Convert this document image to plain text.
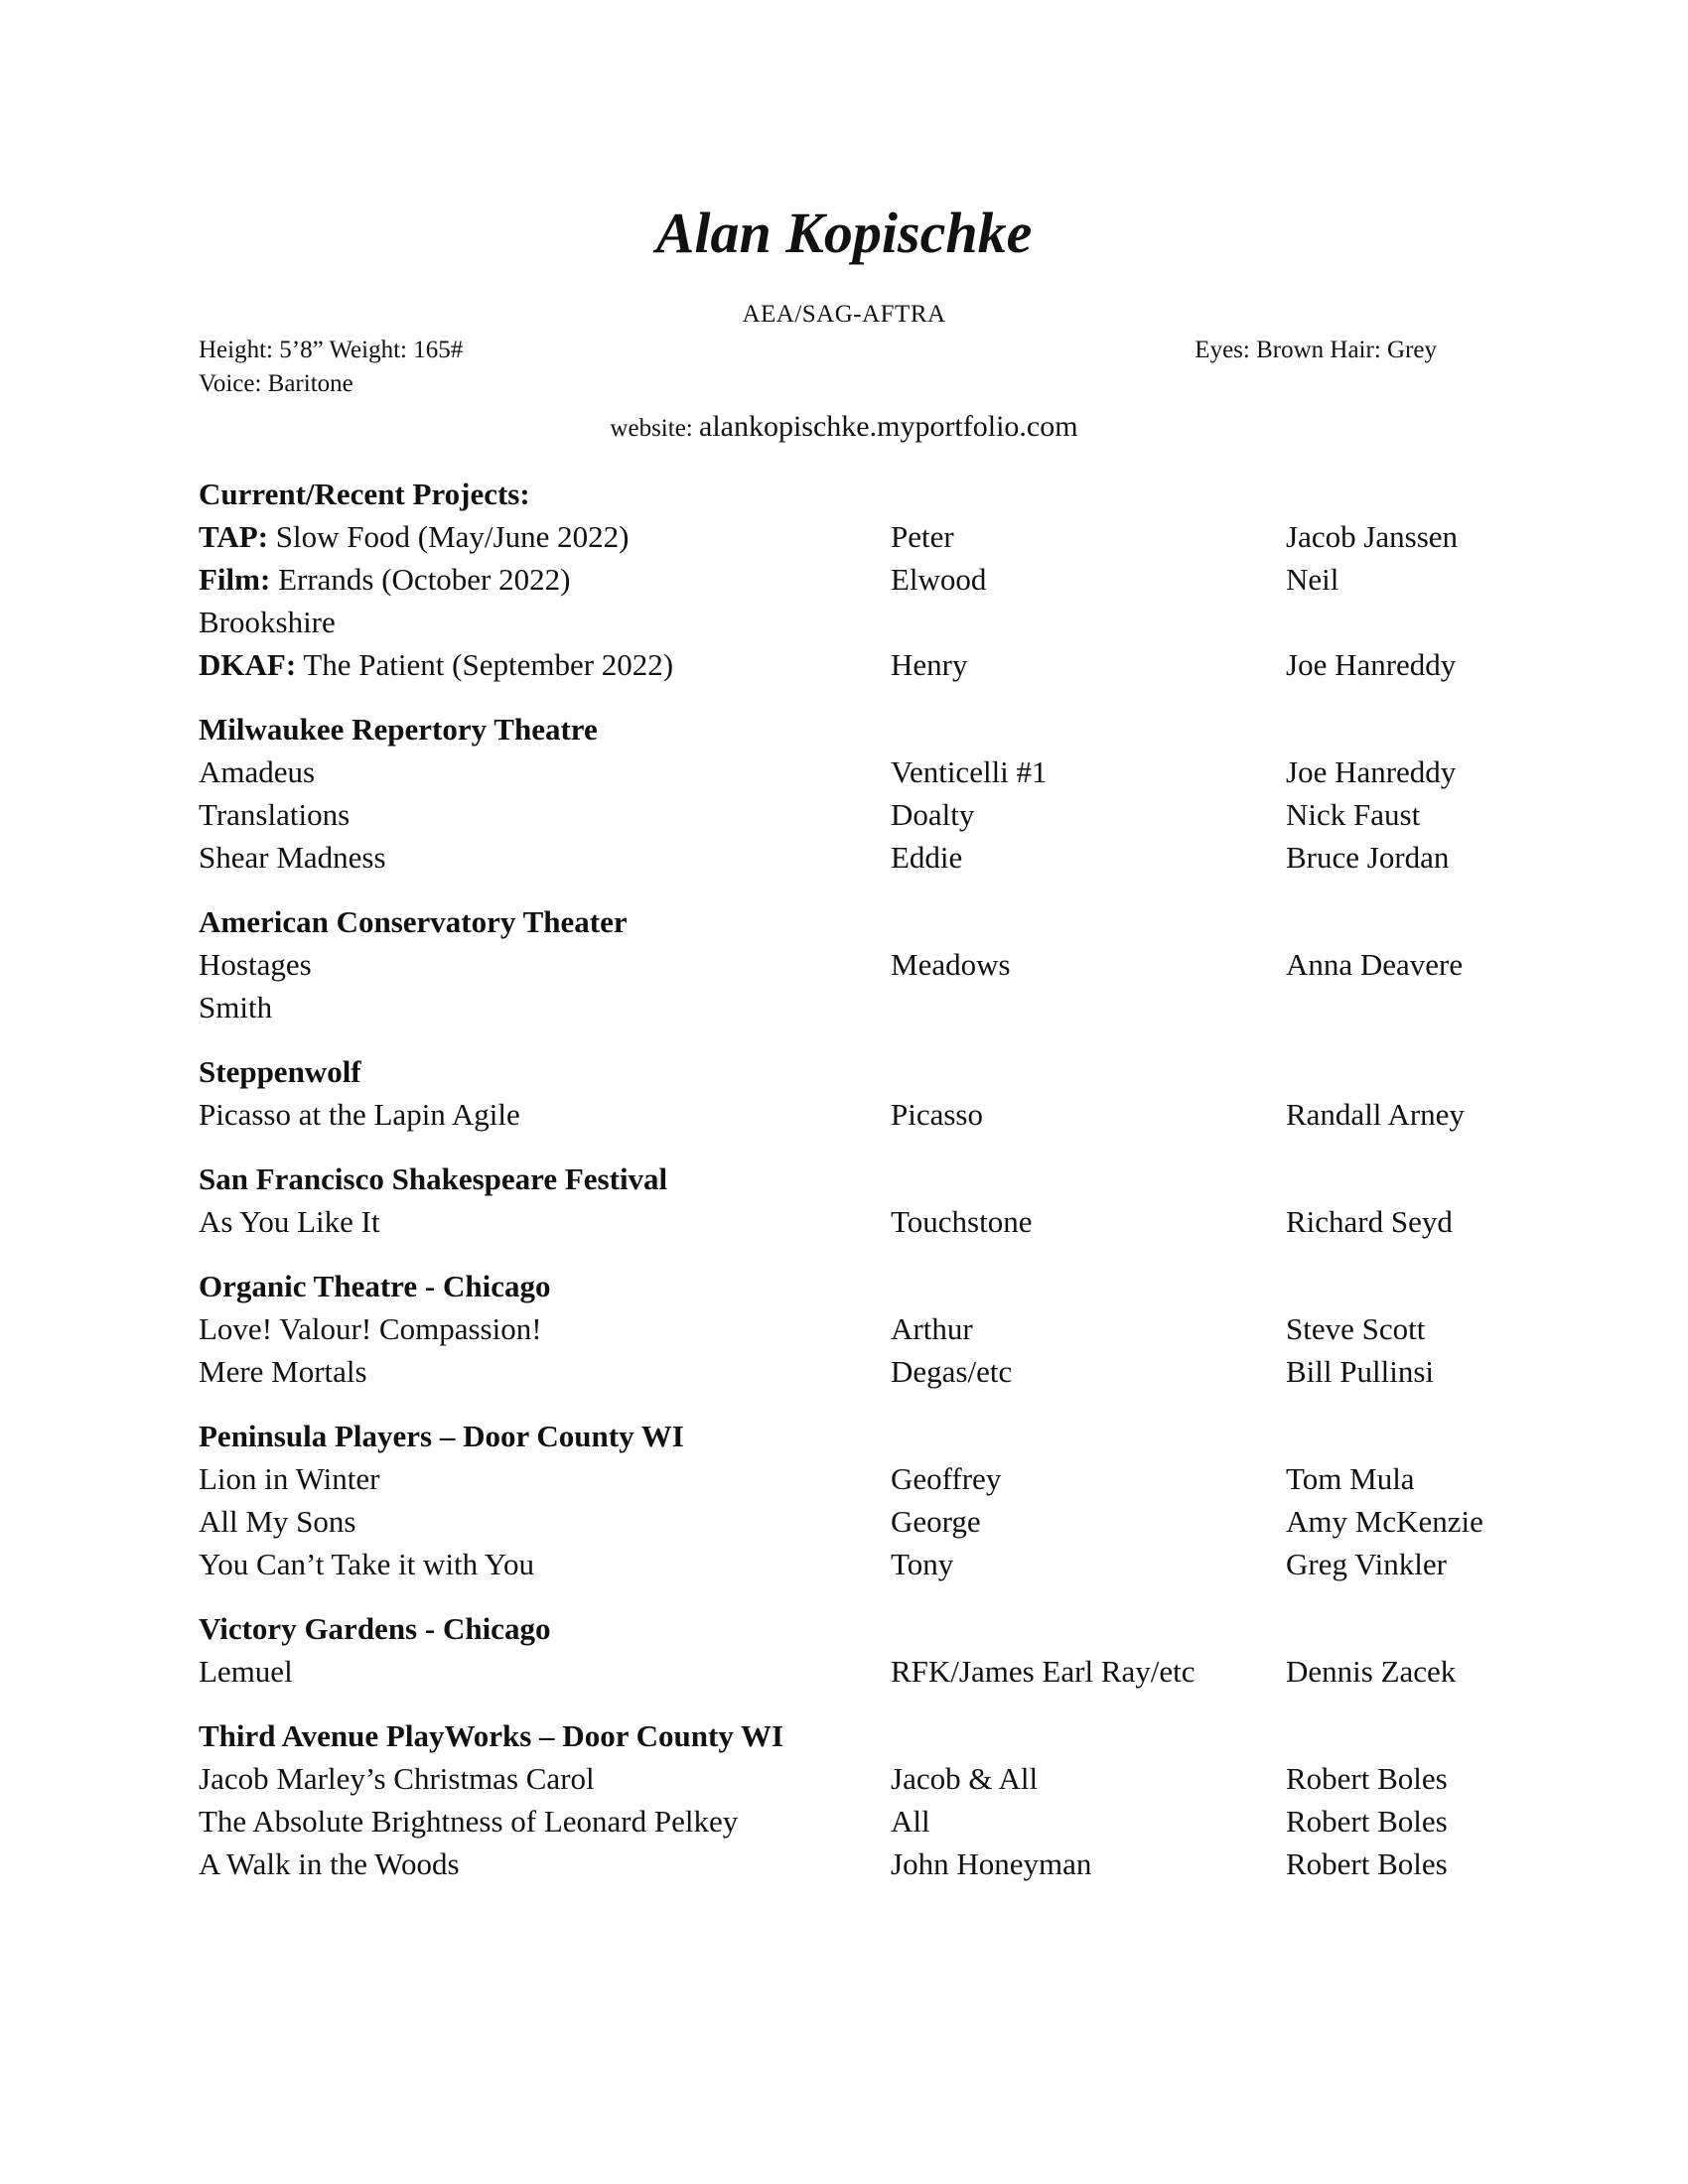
Alan Kopischke
AEA/SAG-AFTRA
Height: 5’8” Weight: 165#
Voice: Baritone
Eyes: Brown Hair: Grey
website: alankopischke.myportfolio.com
Current/Recent Projects:
TAP: Slow Food (May/June 2022)	Peter	Jacob Janssen
Film: Errands (October 2022)	Elwood	Neil
Brookshire
DKAF: The Patient (September 2022)	Henry	Joe Hanreddy
Milwaukee Repertory Theatre
Amadeus	Venticelli #1	Joe Hanreddy
Translations	Doalty	Nick Faust
Shear Madness	Eddie	Bruce Jordan
American Conservatory Theater
Hostages	Meadows	Anna Deavere
Smith
Steppenwolf
Picasso at the Lapin Agile	Picasso	Randall Arney
San Francisco Shakespeare Festival
As You Like It	Touchstone	Richard Seyd
Organic Theatre - Chicago
Love! Valour! Compassion!	Arthur	Steve Scott
Mere Mortals	Degas/etc	Bill Pullinsi
Peninsula Players – Door County WI
Lion in Winter	Geoffrey	Tom Mula
All My Sons	George	Amy McKenzie
You Can’t Take it with You	Tony	Greg Vinkler
Victory Gardens - Chicago
Lemuel	RFK/James Earl Ray/etc	Dennis Zacek
Third Avenue PlayWorks – Door County WI
Jacob Marley’s Christmas Carol	Jacob & All	Robert Boles
The Absolute Brightness of Leonard Pelkey	All	Robert Boles
A Walk in the Woods	John Honeyman	Robert Boles
